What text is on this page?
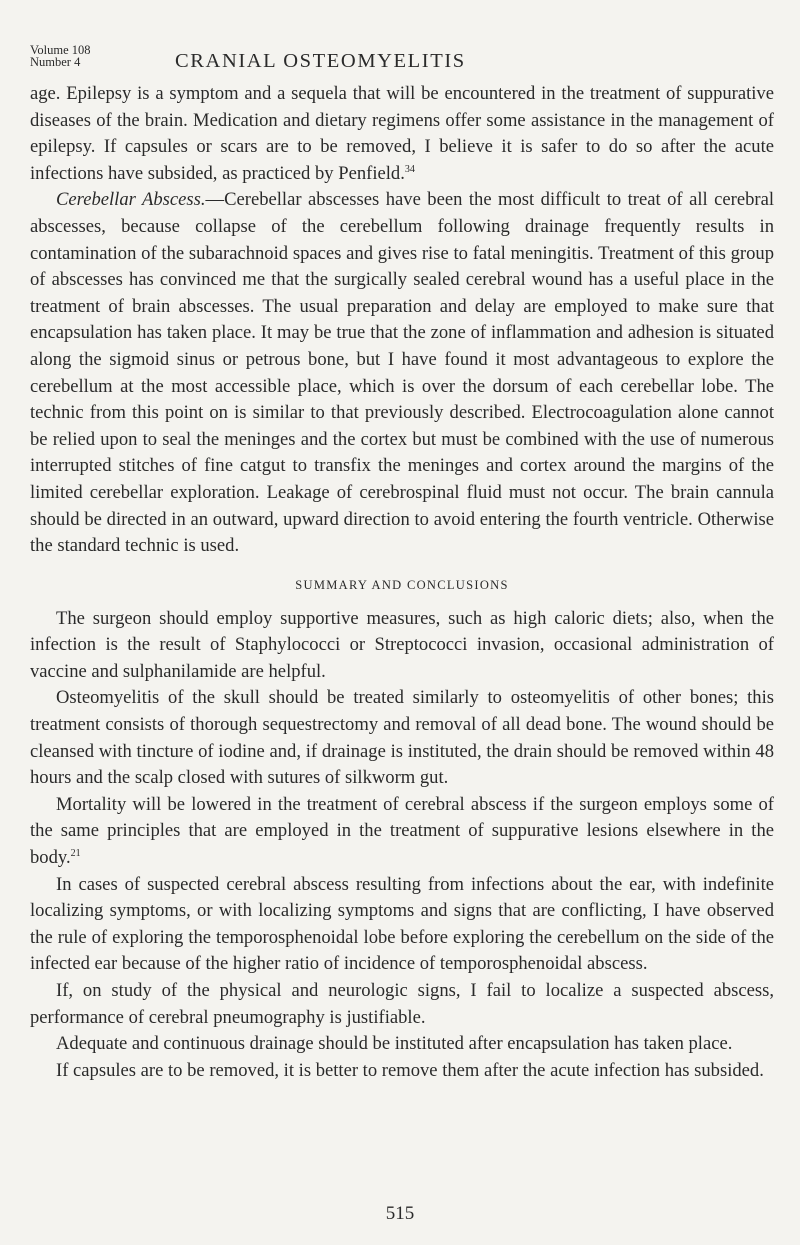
Volume 108
Number 4	CRANIAL OSTEOMYELITIS

age. Epilepsy is a symptom and a sequela that will be encountered in the treatment of suppurative diseases of the brain. Medication and dietary regimens offer some assistance in the management of epilepsy. If capsules or scars are to be removed, I believe it is safer to do so after the acute infections have subsided, as practiced by Penfield.$^{34}$

Cerebellar Abscess.—Cerebellar abscesses have been the most difficult to treat of all cerebral abscesses, because collapse of the cerebellum following drainage frequently results in contamination of the subarachnoid spaces and gives rise to fatal meningitis. Treatment of this group of abscesses has convinced me that the surgically sealed cerebral wound has a useful place in the treatment of brain abscesses. The usual preparation and delay are employed to make sure that encapsulation has taken place. It may be true that the zone of inflammation and adhesion is situated along the sigmoid sinus or petrous bone, but I have found it most advantageous to explore the cerebellum at the most accessible place, which is over the dorsum of each cerebellar lobe. The technic from this point on is similar to that previously described. Electrocoagulation alone cannot be relied upon to seal the meninges and the cortex but must be combined with the use of numerous interrupted stitches of fine catgut to transfix the meninges and cortex around the margins of the limited cerebellar exploration. Leakage of cerebrospinal fluid must not occur. The brain cannula should be directed in an outward, upward direction to avoid entering the fourth ventricle. Otherwise the standard technic is used.

SUMMARY AND CONCLUSIONS

The surgeon should employ supportive measures, such as high caloric diets; also, when the infection is the result of Staphylococci or Streptococci invasion, occasional administration of vaccine and sulphanilamide are helpful.

Osteomyelitis of the skull should be treated similarly to osteomyelitis of other bones; this treatment consists of thorough sequestrectomy and removal of all dead bone. The wound should be cleansed with tincture of iodine and, if drainage is instituted, the drain should be removed within 48 hours and the scalp closed with sutures of silkworm gut.

Mortality will be lowered in the treatment of cerebral abscess if the surgeon employs some of the same principles that are employed in the treatment of suppurative lesions elsewhere in the body.$^{21}$

In cases of suspected cerebral abscess resulting from infections about the ear, with indefinite localizing symptoms, or with localizing symptoms and signs that are conflicting, I have observed the rule of exploring the temporosphenoidal lobe before exploring the cerebellum on the side of the infected ear because of the higher ratio of incidence of temporosphenoidal abscess.

If, on study of the physical and neurologic signs, I fail to localize a suspected abscess, performance of cerebral pneumography is justifiable.

Adequate and continuous drainage should be instituted after encapsulation has taken place.

If capsules are to be removed, it is better to remove them after the acute infection has subsided.

515
